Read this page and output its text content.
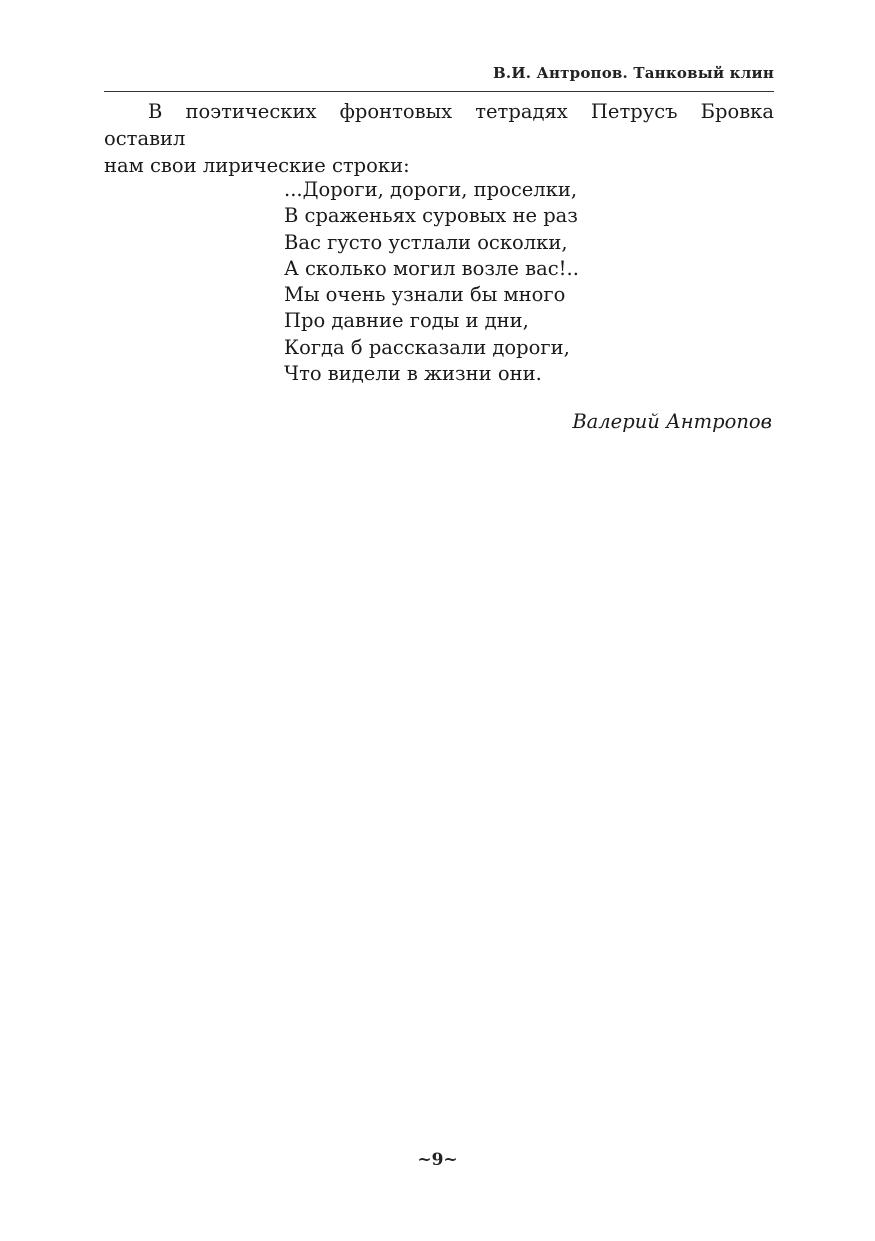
В.И. Антропов. Танковый клин

В поэтических фронтовых тетрадях Петрусъ Бровка оставил
нам свои лирические строки:

...Дороги, дороги, проселки,
В сраженьях суровых не раз
Вас густо устлали осколки,
А сколько могил возле вас!..
Мы очень узнали бы много
Про давние годы и дни,
Когда б рассказали дороги,
Что видели в жизни они.
Валерий Антропов
~9~
